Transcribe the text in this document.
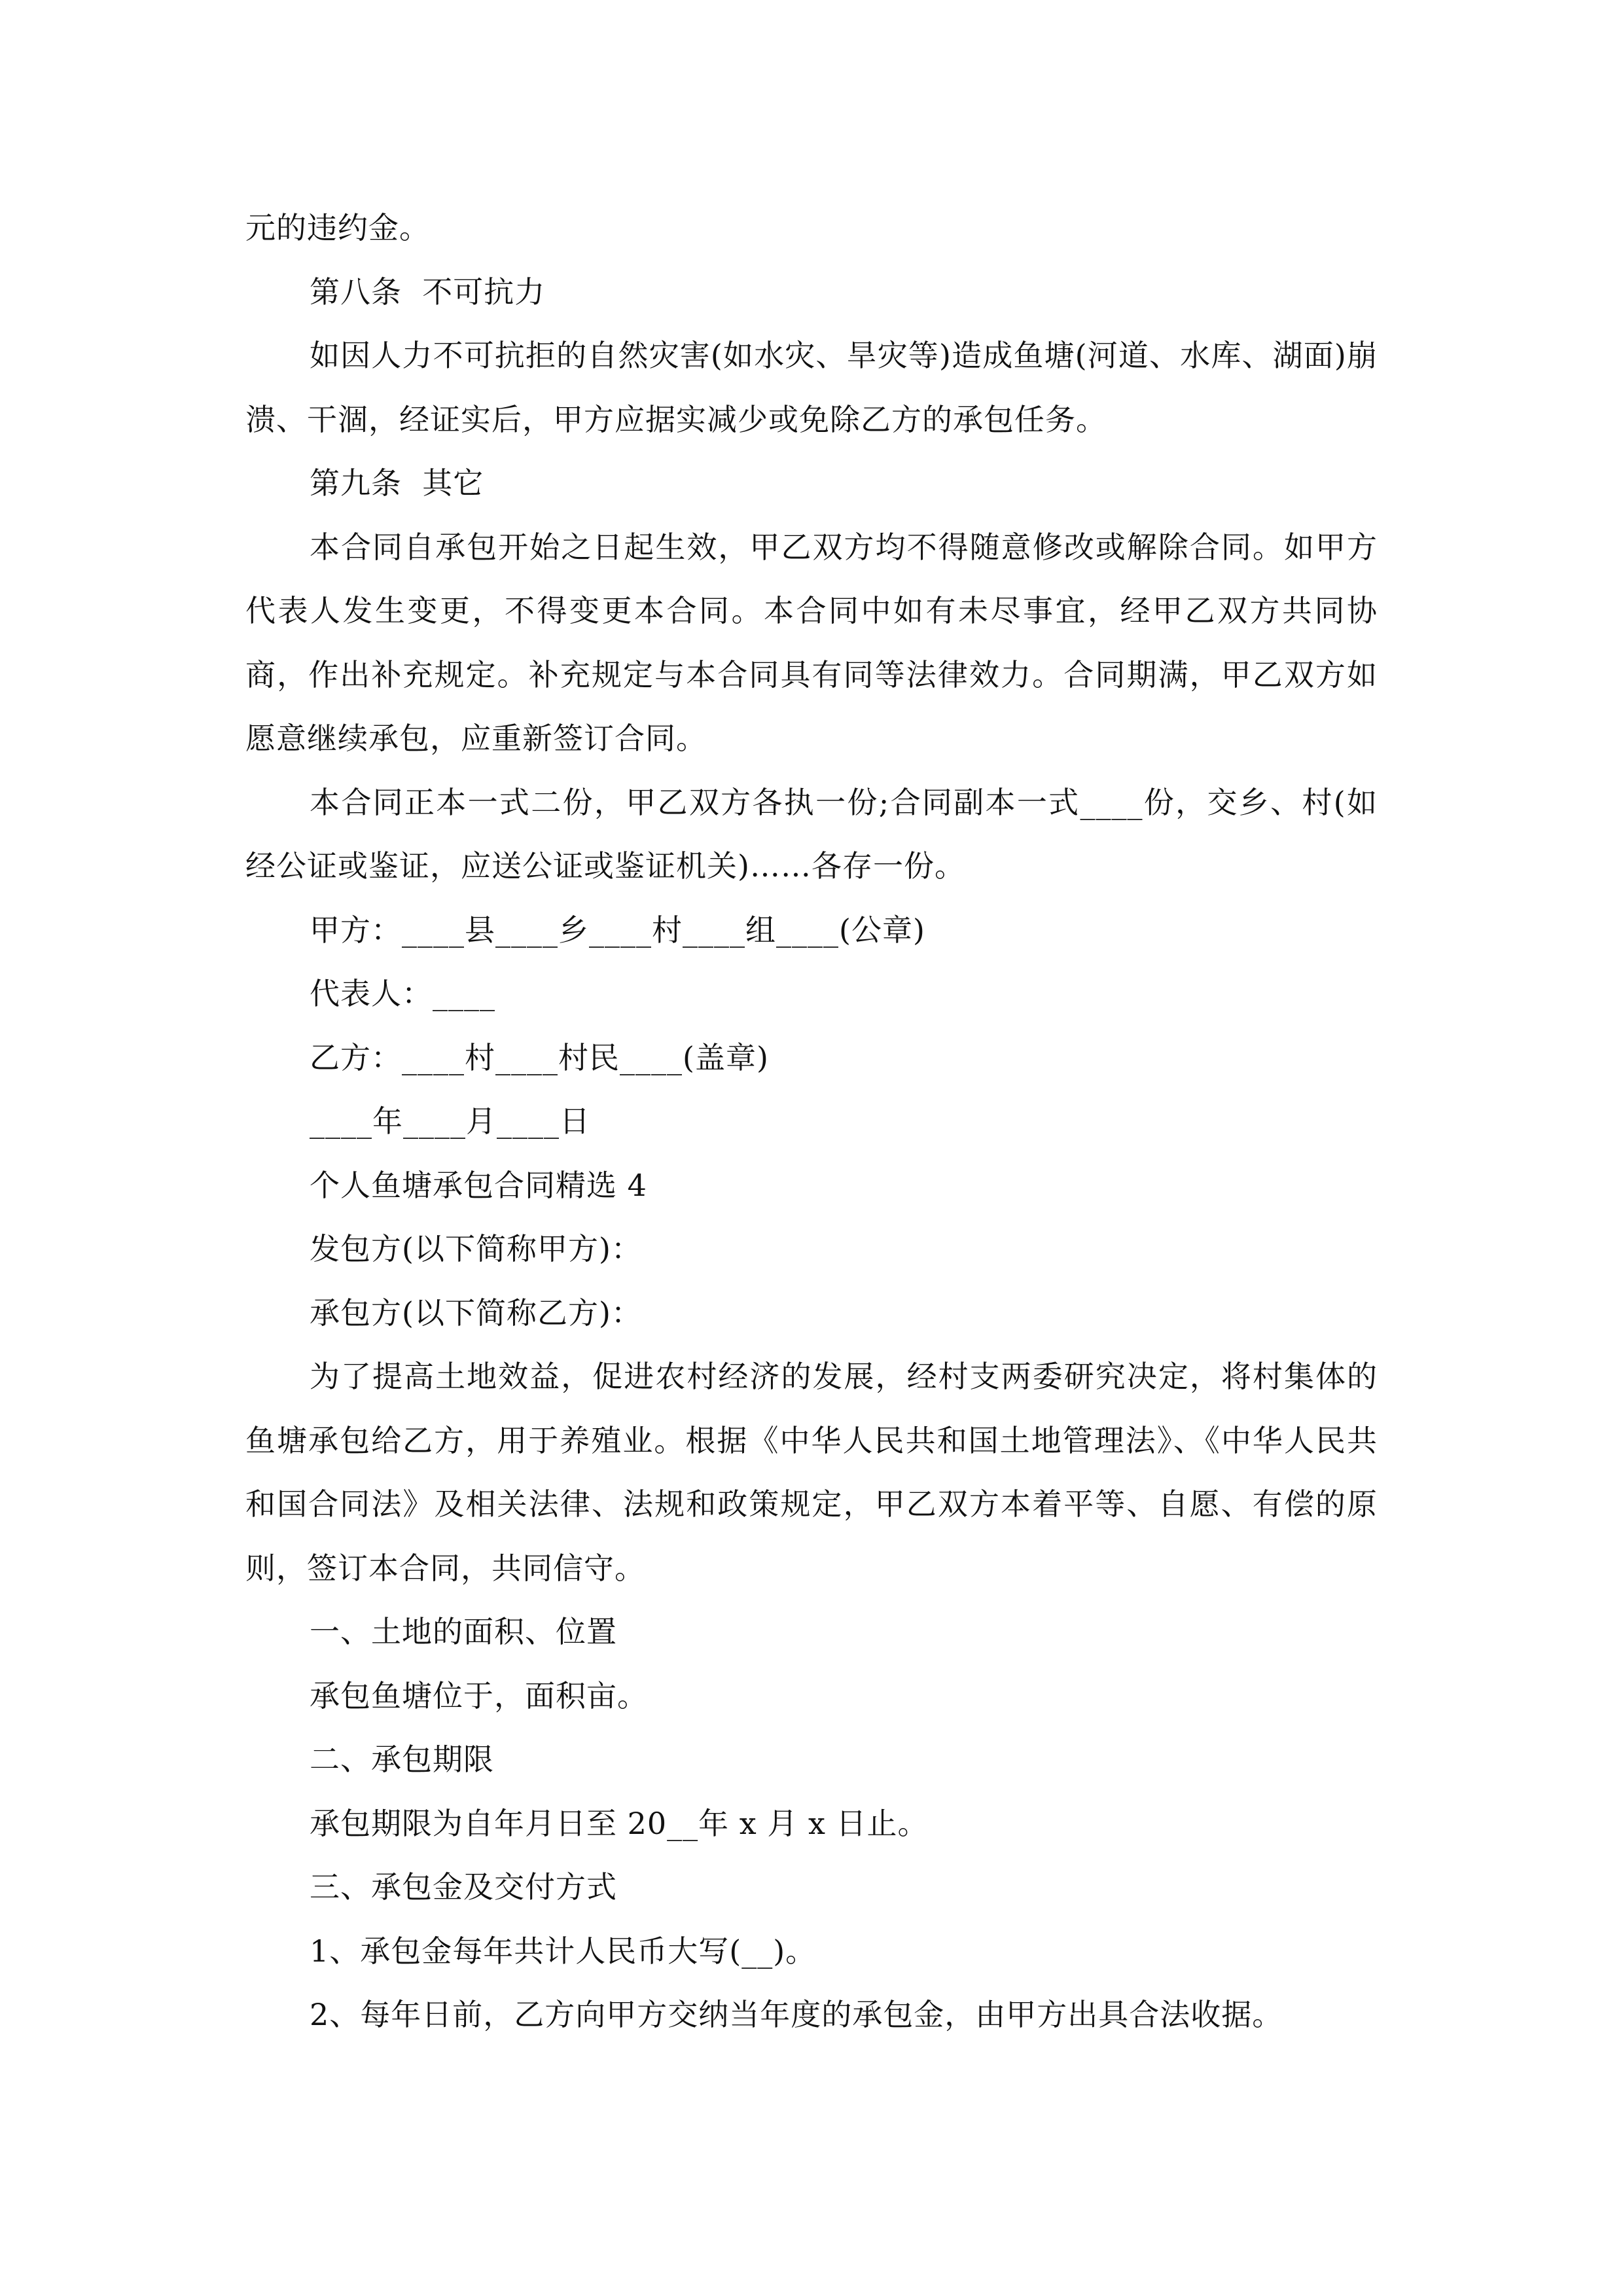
元的违约金。

第八条  不可抗力

如因人力不可抗拒的自然灾害(如水灾、旱灾等)造成鱼塘(河道、水库、湖面)崩溃、干涸，经证实后，甲方应据实减少或免除乙方的承包任务。

第九条  其它

本合同自承包开始之日起生效，甲乙双方均不得随意修改或解除合同。如甲方代表人发生变更，不得变更本合同。本合同中如有未尽事宜，经甲乙双方共同协商，作出补充规定。补充规定与本合同具有同等法律效力。合同期满，甲乙双方如愿意继续承包，应重新签订合同。

本合同正本一式二份，甲乙双方各执一份;合同副本一式____份，交乡、村(如经公证或鉴证，应送公证或鉴证机关)……各存一份。

甲方：____县____乡____村____组____(公章)

代表人：____

乙方：____村____村民____(盖章)

____年____月____日

个人鱼塘承包合同精选 4

发包方(以下简称甲方)：

承包方(以下简称乙方)：

为了提高土地效益，促进农村经济的发展，经村支两委研究决定，将村集体的鱼塘承包给乙方，用于养殖业。根据《中华人民共和国土地管理法》、《中华人民共和国合同法》及相关法律、法规和政策规定，甲乙双方本着平等、自愿、有偿的原则，签订本合同，共同信守。

一、土地的面积、位置

承包鱼塘位于，面积亩。

二、承包期限

承包期限为自年月日至 20__年 x 月 x 日止。

三、承包金及交付方式

1、承包金每年共计人民币大写(__)。

2、每年日前，乙方向甲方交纳当年度的承包金，由甲方出具合法收据。
